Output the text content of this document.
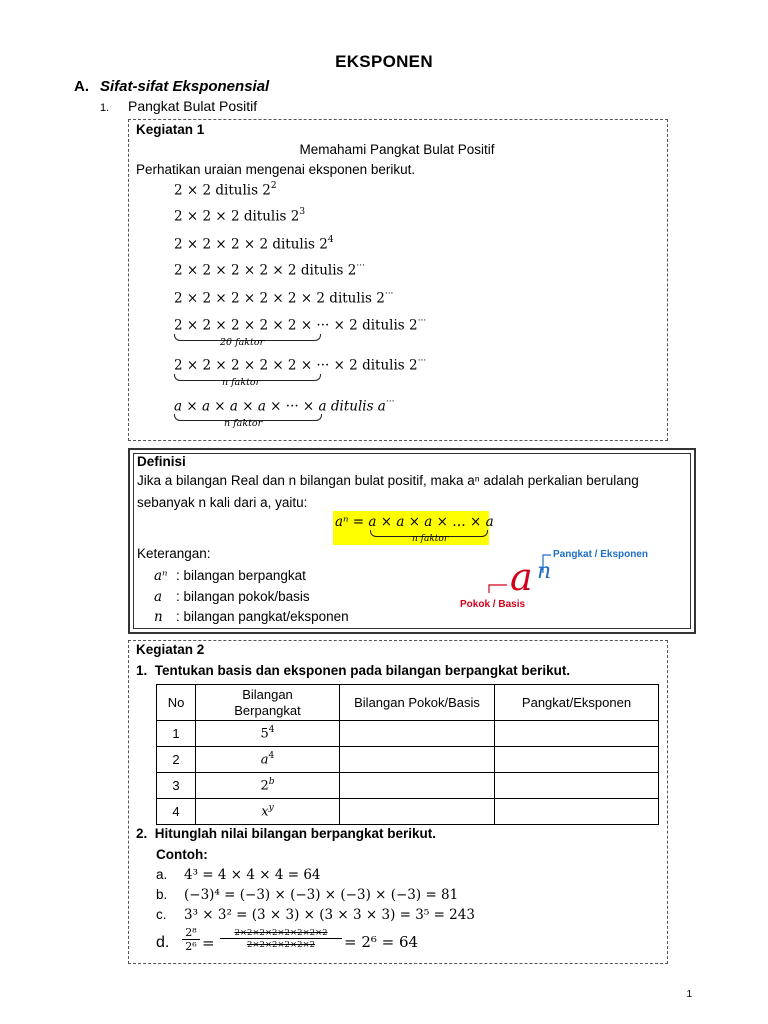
EKSPONEN
A. Sifat-sifat Eksponensial
1. Pangkat Bulat Positif
Kegiatan 1
Memahami Pangkat Bulat Positif
Perhatikan uraian mengenai eksponen berikut.
2 × 2 ditulis $2^2$
2 × 2 × 2 ditulis $2^3$
2 × 2 × 2 × 2 ditulis $2^4$
2 × 2 × 2 × 2 × 2 ditulis 2···
2 × 2 × 2 × 2 × 2 × 2 ditulis 2···
2 × 2 × 2 × 2 × 2 × ··· × 2 ditulis 2···
20 faktor
2 × 2 × 2 × 2 × 2 × ··· × 2 ditulis 2···
n faktor
a × a × a × a × ··· × a ditulis a···
n faktor
Definisi
Jika a bilangan Real dan n bilangan bulat positif, maka aⁿ adalah perkalian berulang
sebanyak n kali dari a, yaitu:
aⁿ = a × a × a × … × a
n faktor
Keterangan:
aⁿ : bilangan berpangkat
a : bilangan pokok/basis
n : bilangan pangkat/eksponen
a n
Pangkat / Eksponen
Pokok / Basis
Kegiatan 2
1.  Tentukan basis dan eksponen pada bilangan berpangkat berikut.
No	Bilangan Berpangkat	Bilangan Pokok/Basis	Pangkat/Eksponen
1	$5^4$		
2	$a^4$		
3	2$^b$		
4	$x^y$		
2.  Hitunglah nilai bilangan berpangkat berikut.
Contoh:
a. 4³ = 4 × 4 × 4 = 64
b. (−3)⁴ = (−3) × (−3) × (−3) × (−3) = 81
c. 3³ × 3² = (3 × 3) × (3 × 3 × 3) = 3⁵ = 243
d.
2⁸
2⁶ =
2×2×2×2×2×2×2×2
2×2×2×2×2×2	= 2⁶ = 64
1
